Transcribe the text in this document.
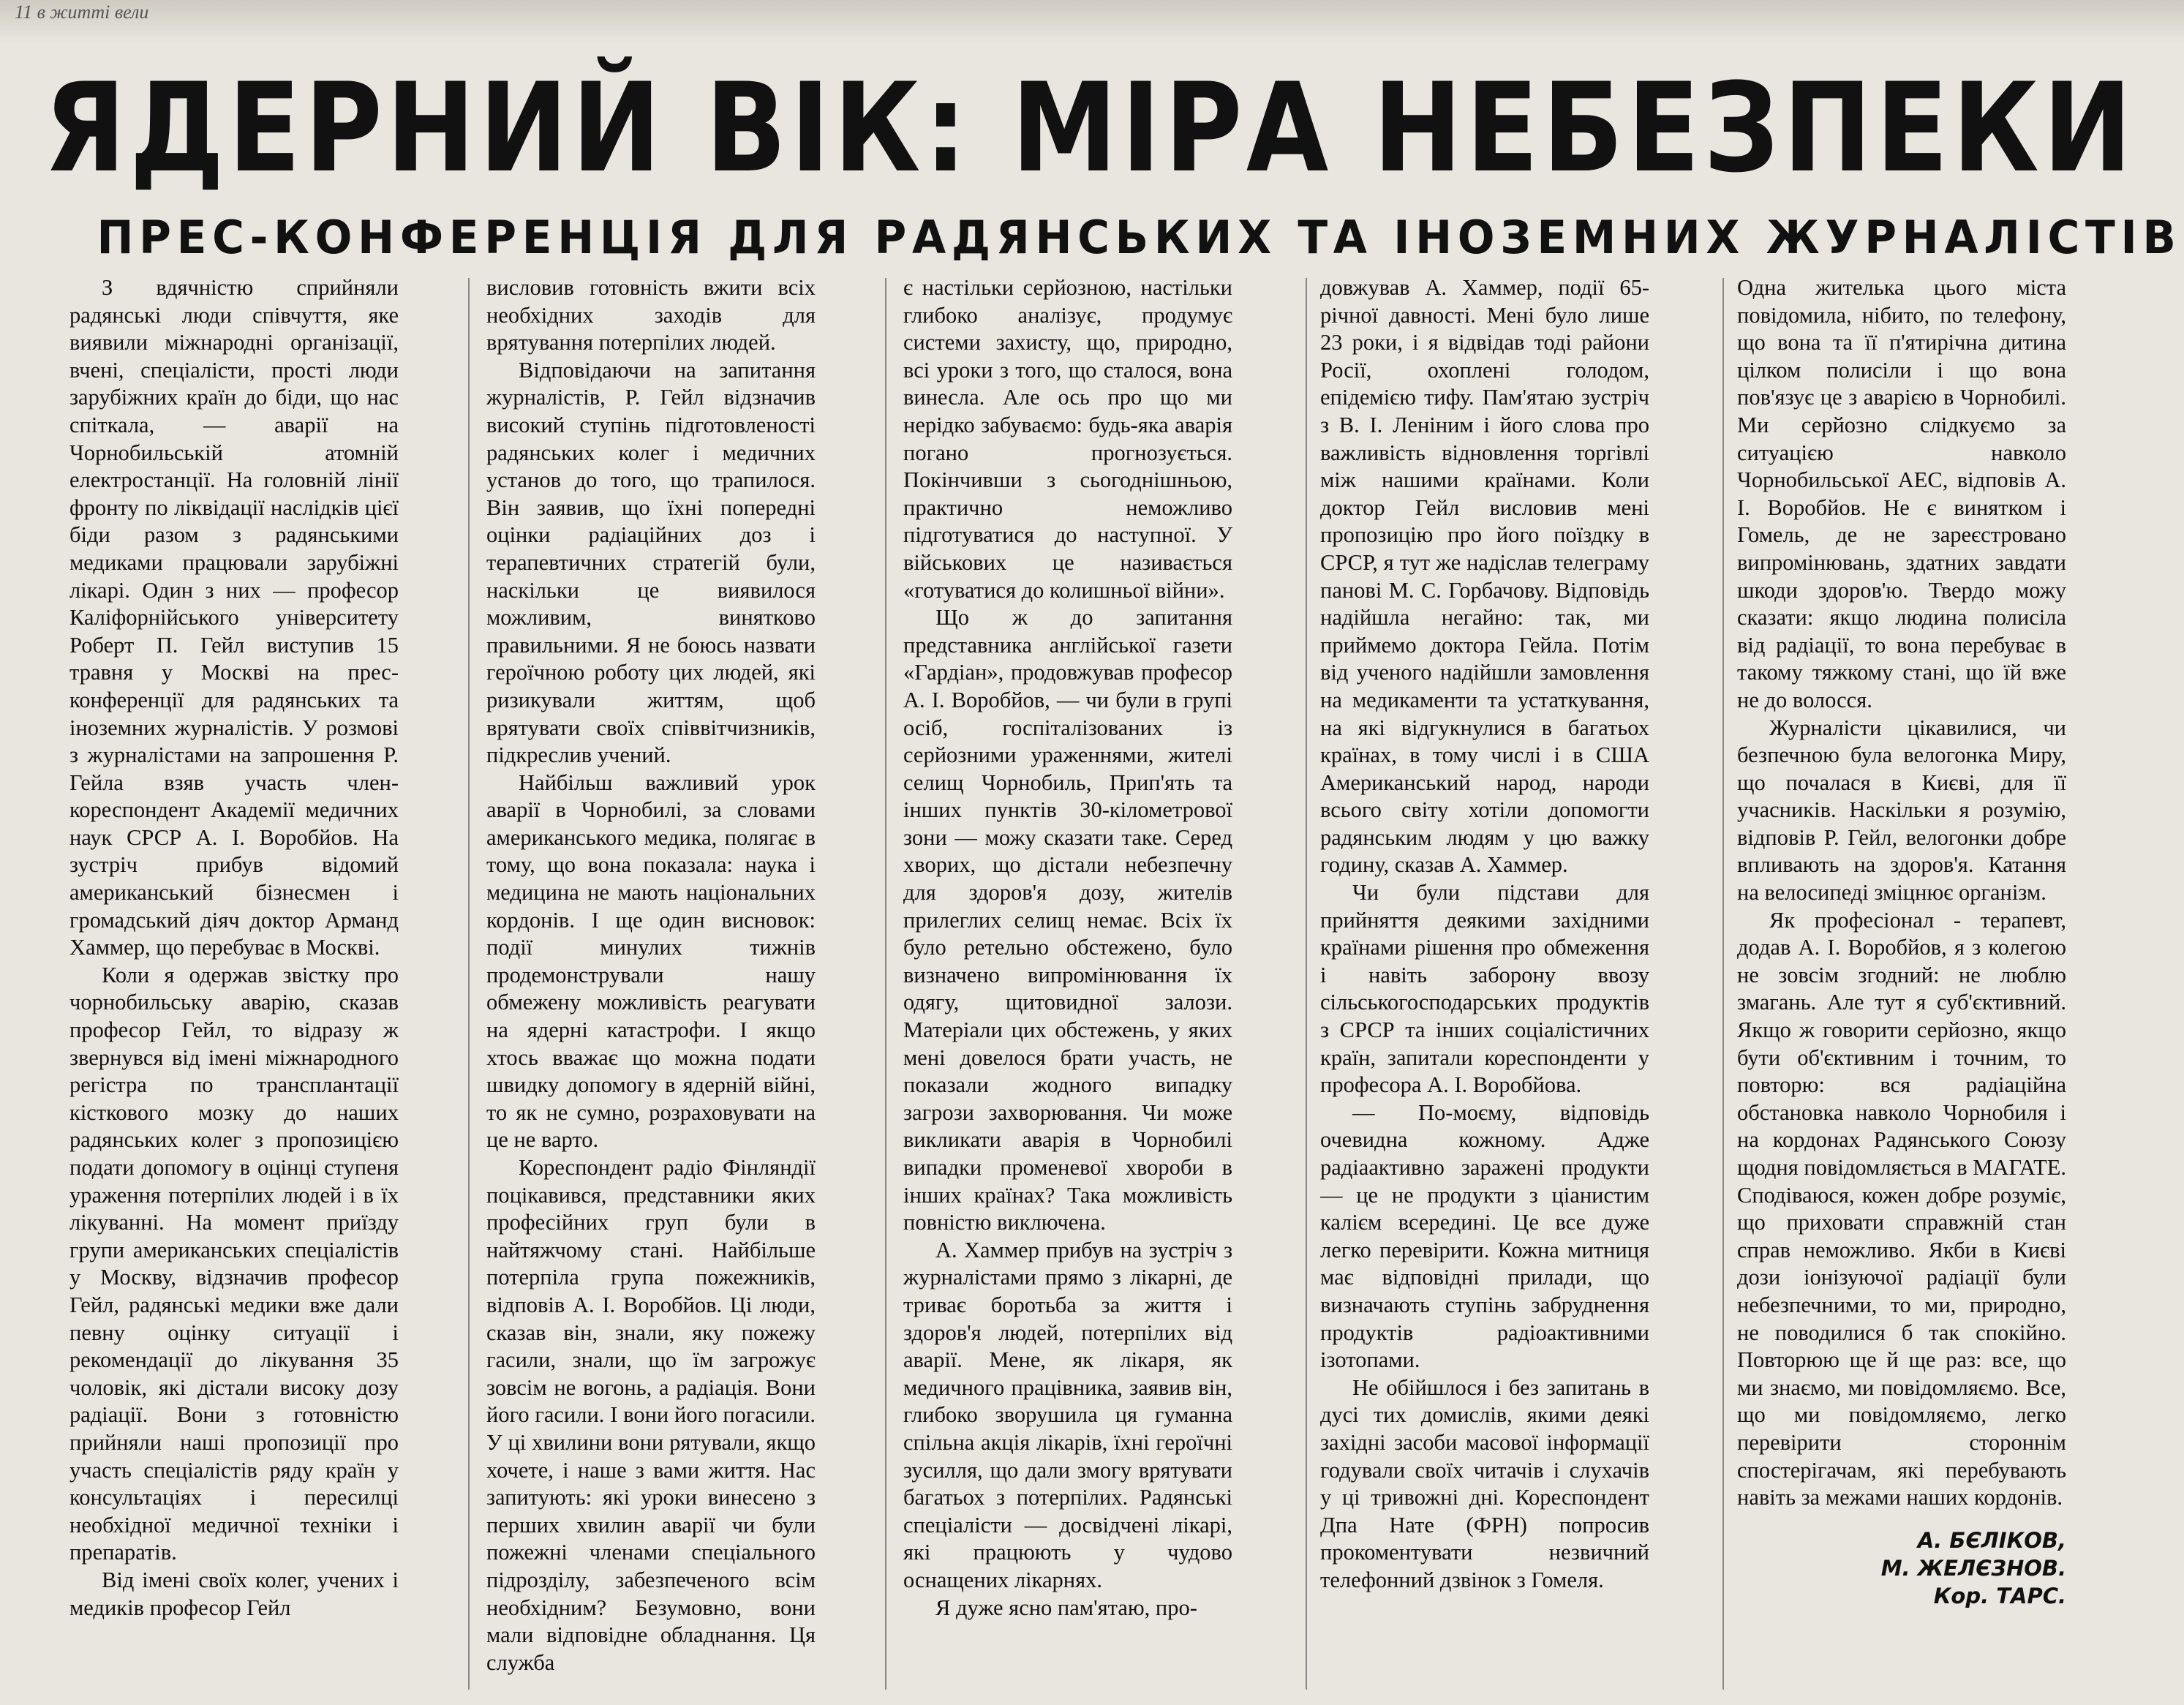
11 в житті вели
ЯДЕРНИЙ ВІК: МІРА НЕБЕЗПЕКИ
ПРЕС-КОНФЕРЕНЦІЯ ДЛЯ РАДЯНСЬКИХ ТА ІНОЗЕМНИХ ЖУРНАЛІСТІВ

З вдячністю сприйняли радянські люди співчуття, яке виявили міжнародні організації, вчені, спеціалісти, прості люди зарубіжних країн до біди, що нас спіткала, — аварії на Чорнобильській атомній електростанції. На головній лінії фронту по ліквідації наслідків цієї біди разом з радянськими медиками працювали зарубіжні лікарі. Один з них — професор Каліфорнійського університету Роберт П. Гейл виступив 15 травня у Москві на прес-конференції для радянських та іноземних журналістів. У розмові з журналістами на запрошення Р. Гейла взяв участь член-кореспондент Академії медичних наук СРСР А. І. Воробйов. На зустріч прибув відомий американський бізнесмен і громадський діяч доктор Арманд Хаммер, що перебуває в Москві.

Коли я одержав звістку про чорнобильську аварію, сказав професор Гейл, то відразу ж звернувся від імені міжнародного регістра по трансплантації кісткового мозку до наших радянських колег з пропозицією подати допомогу в оцінці ступеня ураження потерпілих людей і в їх лікуванні. На момент приїзду групи американських спеціалістів у Москву, відзначив професор Гейл, радянські медики вже дали певну оцінку ситуації і рекомендації до лікування 35 чоловік, які дістали високу дозу радіації. Вони з готовністю прийняли наші пропозиції про участь спеціалістів ряду країн у консультаціях і пересилці необхідної медичної техніки і препаратів.

Від імені своїх колег, учених і медиків професор Гейл

висловив готовність вжити всіх необхідних заходів для врятування потерпілих людей.

Відповідаючи на запитання журналістів, Р. Гейл відзначив високий ступінь підготовленості радянських колег і медичних установ до того, що трапилося. Він заявив, що їхні попередні оцінки радіаційних доз і терапевтичних стратегій були, наскільки це виявилося можливим, винятково правильними. Я не боюсь назвати героїчною роботу цих людей, які ризикували життям, щоб врятувати своїх співвітчизників, підкреслив учений.

Найбільш важливий урок аварії в Чорнобилі, за словами американського медика, полягає в тому, що вона показала: наука і медицина не мають національних кордонів. І ще один висновок: події минулих тижнів продемонстрували нашу обмежену можливість реагувати на ядерні катастрофи. І якщо хтось вважає що можна подати швидку допомогу в ядерній війні, то як не сумно, розраховувати на це не варто.

Кореспондент радіо Фінляндії поцікавився, представники яких професійних груп були в найтяжчому стані. Найбільше потерпіла група пожежників, відповів А. І. Воробйов. Ці люди, сказав він, знали, яку пожежу гасили, знали, що їм загрожує зовсім не вогонь, а радіація. Вони його гасили. І вони його погасили. У ці хвилини вони рятували, якщо хочете, і наше з вами життя. Нас запитують: які уроки винесено з перших хвилин аварії чи були пожежні членами спеціального підрозділу, забезпеченого всім необхідним? Безумовно, вони мали відповідне обладнання. Ця служба

є настільки серйозною, настільки глибоко аналізує, продумує системи захисту, що, природно, всі уроки з того, що сталося, вона винесла. Але ось про що ми нерідко забуваємо: будь-яка аварія погано прогнозується. Покінчивши з сьогоднішньою, практично неможливо підготуватися до наступної. У військових це називається «готуватися до колишньої війни».

Що ж до запитання представника англійської газети «Гардіан», продовжував професор А. І. Воробйов, — чи були в групі осіб, госпіталізованих із серйозними ураженнями, жителі селищ Чорнобиль, Прип'ять та інших пунктів 30-кілометрової зони — можу сказати таке. Серед хворих, що дістали небезпечну для здоров'я дозу, жителів прилеглих селищ немає. Всіх їх було ретельно обстежено, було визначено випромінювання їх одягу, щитовидної залози. Матеріали цих обстежень, у яких мені довелося брати участь, не показали жодного випадку загрози захворювання. Чи може викликати аварія в Чорнобилі випадки променевої хвороби в інших країнах? Така можливість повністю виключена.

А. Хаммер прибув на зустріч з журналістами прямо з лікарні, де триває боротьба за життя і здоров'я людей, потерпілих від аварії. Мене, як лікаря, як медичного працівника, заявив він, глибоко зворушила ця гуманна спільна акція лікарів, їхні героїчні зусилля, що дали змогу врятувати багатьох з потерпілих. Радянські спеціалісти — досвідчені лікарі, які працюють у чудово оснащених лікарнях.

Я дуже ясно пам'ятаю, про-

довжував А. Хаммер, події 65-річної давності. Мені було лише 23 роки, і я відвідав тоді райони Росії, охоплені голодом, епідемією тифу. Пам'ятаю зустріч з В. І. Леніним і його слова про важливість відновлення торгівлі між нашими країнами. Коли доктор Гейл висловив мені пропозицію про його поїздку в СРСР, я тут же надіслав телеграму панові М. С. Горбачову. Відповідь надійшла негайно: так, ми приймемо доктора Гейла. Потім від ученого надійшли замовлення на медикаменти та устаткування, на які відгукнулися в багатьох країнах, в тому числі і в США Американський народ, народи всього світу хотіли допомогти радянським людям у цю важку годину, сказав А. Хаммер.

Чи були підстави для прийняття деякими західними країнами рішення про обмеження і навіть заборону ввозу сільськогосподарських продуктів з СРСР та інших соціалістичних країн, запитали кореспонденти у професора А. І. Воробйова.

— По-моєму, відповідь очевидна кожному. Адже радіаактивно заражені продукти — це не продукти з ціанистим калієм всередині. Це все дуже легко перевірити. Кожна митниця має відповідні прилади, що визначають ступінь забруднення продуктів радіоактивними ізотопами.

Не обійшлося і без запитань в дусі тих домислів, якими деякі західні засоби масової інформації годували своїх читачів і слухачів у ці тривожні дні. Кореспондент Дпа Нате (ФРН) попросив прокоментувати незвичний телефонний дзвінок з Гомеля.

Одна жителька цього міста повідомила, нібито, по телефону, що вона та її п'ятирічна дитина цілком полисіли і що вона пов'язує це з аварією в Чорнобилі. Ми серйозно слідкуємо за ситуацією навколо Чорнобильської АЕС, відповів А. І. Воробйов. Не є винятком і Гомель, де не зареєстровано випромінювань, здатних завдати шкоди здоров'ю. Твердо можу сказати: якщо людина полисіла від радіації, то вона перебуває в такому тяжкому стані, що їй вже не до волосся.

Журналісти цікавилися, чи безпечною була велогонка Миру, що почалася в Києві, для її учасників. Наскільки я розумію, відповів Р. Гейл, велогонки добре впливають на здоров'я. Катання на велосипеді зміцнює організм.

Як професіонал - терапевт, додав А. І. Воробйов, я з колегою не зовсім згодний: не люблю змагань. Але тут я суб'єктивний. Якщо ж говорити серйозно, якщо бути об'єктивним і точним, то повторю: вся радіаційна обстановка навколо Чорнобиля і на кордонах Радянського Союзу щодня повідомляється в МАГАТЕ. Сподіваюся, кожен добре розуміє, що приховати справжній стан справ неможливо. Якби в Києві дози іонізуючої радіації були небезпечними, то ми, природно, не поводилися б так спокійно. Повторюю ще й ще раз: все, що ми знаємо, ми повідомляємо. Все, що ми повідомляємо, легко перевірити стороннім спостерігачам, які перебувають навіть за межами наших кордонів.

А. БЄЛІКОВ,
М. ЖЕЛЄЗНОВ.
Кор. ТАРС.
